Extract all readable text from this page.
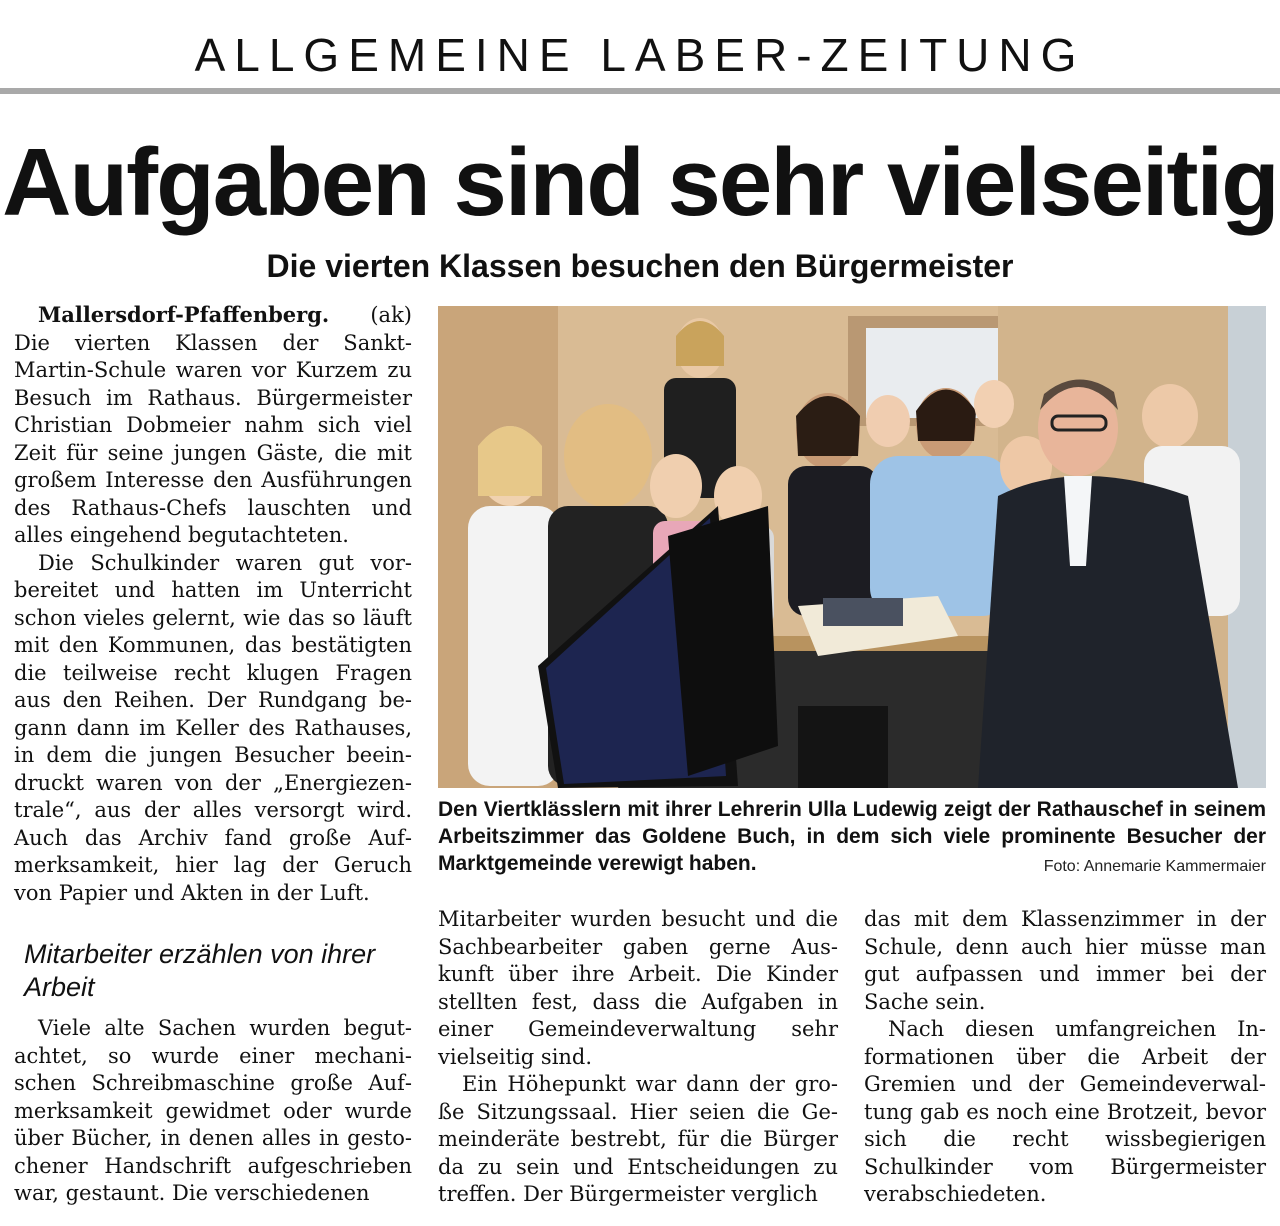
ALLGEMEINE LABER-ZEITUNG
Aufgaben sind sehr vielseitig
Die vierten Klassen besuchen den Bürgermeister

Mallersdorf-Pfaffenberg. (ak) Die vierten Klassen der Sankt-Martin-Schule waren vor Kurzem zu Besuch im Rathaus. Bürgermeister Christian Dobmeier nahm sich viel Zeit für seine jungen Gäste, die mit großem Interesse den Ausführungen des Rathaus-Chefs lauschten und alles eingehend begutachteten.

Die Schulkinder waren gut vorbereitet und hatten im Unterricht schon vieles gelernt, wie das so läuft mit den Kommunen, das bestätigten die teilweise recht klugen Fragen aus den Reihen. Der Rundgang begann dann im Keller des Rathauses, in dem die jungen Besucher beeindruckt waren von der „Energiezentrale“, aus der alles versorgt wird. Auch das Archiv fand große Aufmerksamkeit, hier lag der Geruch von Papier und Akten in der Luft.

Mitarbeiter erzählen von ihrer Arbeit

Viele alte Sachen wurden begutachtet, so wurde einer mechanischen Schreibmaschine große Aufmerksamkeit gewidmet oder wurde über Bücher, in denen alles in gestochener Handschrift aufgeschrieben war, gestaunt. Die verschiedenen

Den Viertklässlern mit ihrer Lehrerin Ulla Ludewig zeigt der Rathauschef in seinem Arbeitszimmer das Goldene Buch, in dem sich viele prominente Besucher der Marktgemeinde verewigt haben.	Foto: Annemarie Kammermaier

Mitarbeiter wurden besucht und die Sachbearbeiter gaben gerne Auskunft über ihre Arbeit. Die Kinder stellten fest, dass die Aufgaben in einer Gemeindeverwaltung sehr vielseitig sind.

Ein Höhepunkt war dann der große Sitzungssaal. Hier seien die Gemeinderäte bestrebt, für die Bürger da zu sein und Entscheidungen zu treffen. Der Bürgermeister verglich

das mit dem Klassenzimmer in der Schule, denn auch hier müsse man gut aufpassen und immer bei der Sache sein.

Nach diesen umfangreichen Informationen über die Arbeit der Gremien und der Gemeindeverwaltung gab es noch eine Brotzeit, bevor sich die recht wissbegierigen Schulkinder vom Bürgermeister verabschiedeten.
